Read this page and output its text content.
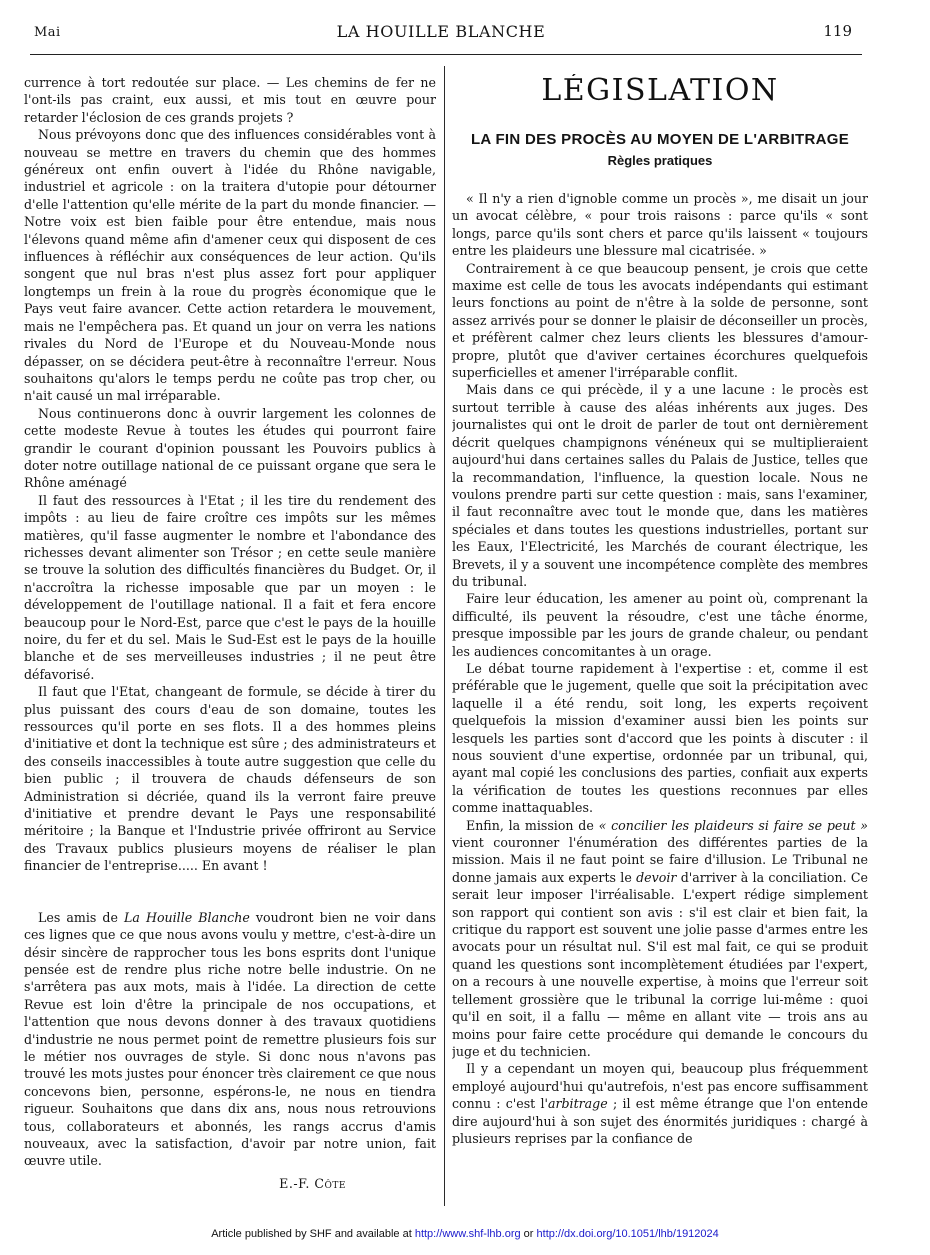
Mai	LA HOUILLE BLANCHE	119

currence à tort redoutée sur place. — Les chemins de fer ne l'ont-ils pas craint, eux aussi, et mis tout en œuvre pour retarder l'éclosion de ces grands projets ?

Nous prévoyons donc que des influences considérables vont à nouveau se mettre en travers du chemin que des hommes généreux ont enfin ouvert à l'idée du Rhône navigable, industriel et agricole : on la traitera d'utopie pour détourner d'elle l'attention qu'elle mérite de la part du monde financier. — Notre voix est bien faible pour être entendue, mais nous l'élevons quand même afin d'amener ceux qui disposent de ces influences à réfléchir aux conséquences de leur action. Qu'ils songent que nul bras n'est plus assez fort pour appliquer longtemps un frein à la roue du progrès économique que le Pays veut faire avancer. Cette action retardera le mouvement, mais ne l'empêchera pas. Et quand un jour on verra les nations rivales du Nord de l'Europe et du Nouveau-Monde nous dépasser, on se décidera peut-être à reconnaître l'erreur. Nous souhaitons qu'alors le temps perdu ne coûte pas trop cher, ou n'ait causé un mal irréparable.

Nous continuerons donc à ouvrir largement les colonnes de cette modeste Revue à toutes les études qui pourront faire grandir le courant d'opinion poussant les Pouvoirs publics à doter notre outillage national de ce puissant organe que sera le Rhône aménagé

Il faut des ressources à l'Etat ; il les tire du rendement des impôts : au lieu de faire croître ces impôts sur les mêmes matières, qu'il fasse augmenter le nombre et l'abondance des richesses devant alimenter son Trésor ; en cette seule manière se trouve la solution des difficultés financières du Budget. Or, il n'accroîtra la richesse imposable que par un moyen : le développement de l'outillage national. Il a fait et fera encore beaucoup pour le Nord-Est, parce que c'est le pays de la houille noire, du fer et du sel. Mais le Sud-Est est le pays de la houille blanche et de ses merveilleuses industries ; il ne peut être défavorisé.

Il faut que l'Etat, changeant de formule, se décide à tirer du plus puissant des cours d'eau de son domaine, toutes les ressources qu'il porte en ses flots. Il a des hommes pleins d'initiative et dont la technique est sûre ; des administrateurs et des conseils inaccessibles à toute autre suggestion que celle du bien public ; il trouvera de chauds défenseurs de son Administration si décriée, quand ils la verront faire preuve d'initiative et prendre devant le Pays une responsabilité méritoire ; la Banque et l'Industrie privée offriront au Service des Travaux publics plusieurs moyens de réaliser le plan financier de l'entreprise..... En avant !

Les amis de La Houille Blanche voudront bien ne voir dans ces lignes que ce que nous avons voulu y mettre, c'est-à-dire un désir sincère de rapprocher tous les bons esprits dont l'unique pensée est de rendre plus riche notre belle industrie. On ne s'arrêtera pas aux mots, mais à l'idée. La direction de cette Revue est loin d'être la principale de nos occupations, et l'attention que nous devons donner à des travaux quotidiens d'industrie ne nous permet point de remettre plusieurs fois sur le métier nos ouvrages de style. Si donc nous n'avons pas trouvé les mots justes pour énoncer très clairement ce que nous concevons bien, personne, espérons-le, ne nous en tiendra rigueur. Souhaitons que dans dix ans, nous nous retrouvions tous, collaborateurs et abonnés, les rangs accrus d'amis nouveaux, avec la satisfaction, d'avoir par notre union, fait œuvre utile.

E.-F. Côte
LÉGISLATION
LA FIN DES PROCÈS AU MOYEN DE L'ARBITRAGE
Règles pratiques

« Il n'y a rien d'ignoble comme un procès », me disait un jour un avocat célèbre, « pour trois raisons : parce qu'ils « sont longs, parce qu'ils sont chers et parce qu'ils laissent « toujours entre les plaideurs une blessure mal cicatrisée. »

Contrairement à ce que beaucoup pensent, je crois que cette maxime est celle de tous les avocats indépendants qui estimant leurs fonctions au point de n'être à la solde de personne, sont assez arrivés pour se donner le plaisir de déconseiller un procès, et préfèrent calmer chez leurs clients les blessures d'amour-propre, plutôt que d'aviver certaines écorchures quelquefois superficielles et amener l'irréparable conflit.

Mais dans ce qui précède, il y a une lacune : le procès est surtout terrible à cause des aléas inhérents aux juges. Des journalistes qui ont le droit de parler de tout ont dernièrement décrit quelques champignons vénéneux qui se multiplieraient aujourd'hui dans certaines salles du Palais de Justice, telles que la recommandation, l'influence, la question locale. Nous ne voulons prendre parti sur cette question : mais, sans l'examiner, il faut reconnaître avec tout le monde que, dans les matières spéciales et dans toutes les questions industrielles, portant sur les Eaux, l'Electricité, les Marchés de courant électrique, les Brevets, il y a souvent une incompétence complète des membres du tribunal.

Faire leur éducation, les amener au point où, comprenant la difficulté, ils peuvent la résoudre, c'est une tâche énorme, presque impossible par les jours de grande chaleur, ou pendant les audiences concomitantes à un orage.

Le débat tourne rapidement à l'expertise : et, comme il est préférable que le jugement, quelle que soit la précipitation avec laquelle il a été rendu, soit long, les experts reçoivent quelquefois la mission d'examiner aussi bien les points sur lesquels les parties sont d'accord que les points à discuter : il nous souvient d'une expertise, ordonnée par un tribunal, qui, ayant mal copié les conclusions des parties, confiait aux experts la vérification de toutes les questions reconnues par elles comme inattaquables.

Enfin, la mission de « concilier les plaideurs si faire se peut » vient couronner l'énumération des différentes parties de la mission. Mais il ne faut point se faire d'illusion. Le Tribunal ne donne jamais aux experts le devoir d'arriver à la conciliation. Ce serait leur imposer l'irréalisable. L'expert rédige simplement son rapport qui contient son avis : s'il est clair et bien fait, la critique du rapport est souvent une jolie passe d'armes entre les avocats pour un résultat nul. S'il est mal fait, ce qui se produit quand les questions sont incomplètement étudiées par l'expert, on a recours à une nouvelle expertise, à moins que l'erreur soit tellement grossière que le tribunal la corrige lui-même : quoi qu'il en soit, il a fallu — même en allant vite — trois ans au moins pour faire cette procédure qui demande le concours du juge et du technicien.

Il y a cependant un moyen qui, beaucoup plus fréquemment employé aujourd'hui qu'autrefois, n'est pas encore suffisamment connu : c'est l'arbitrage ; il est même étrange que l'on entende dire aujourd'hui à son sujet des énormités juridiques : chargé à plusieurs reprises par la confiance de

Article published by SHF and available at http://www.shf-lhb.org or http://dx.doi.org/10.1051/lhb/1912024
